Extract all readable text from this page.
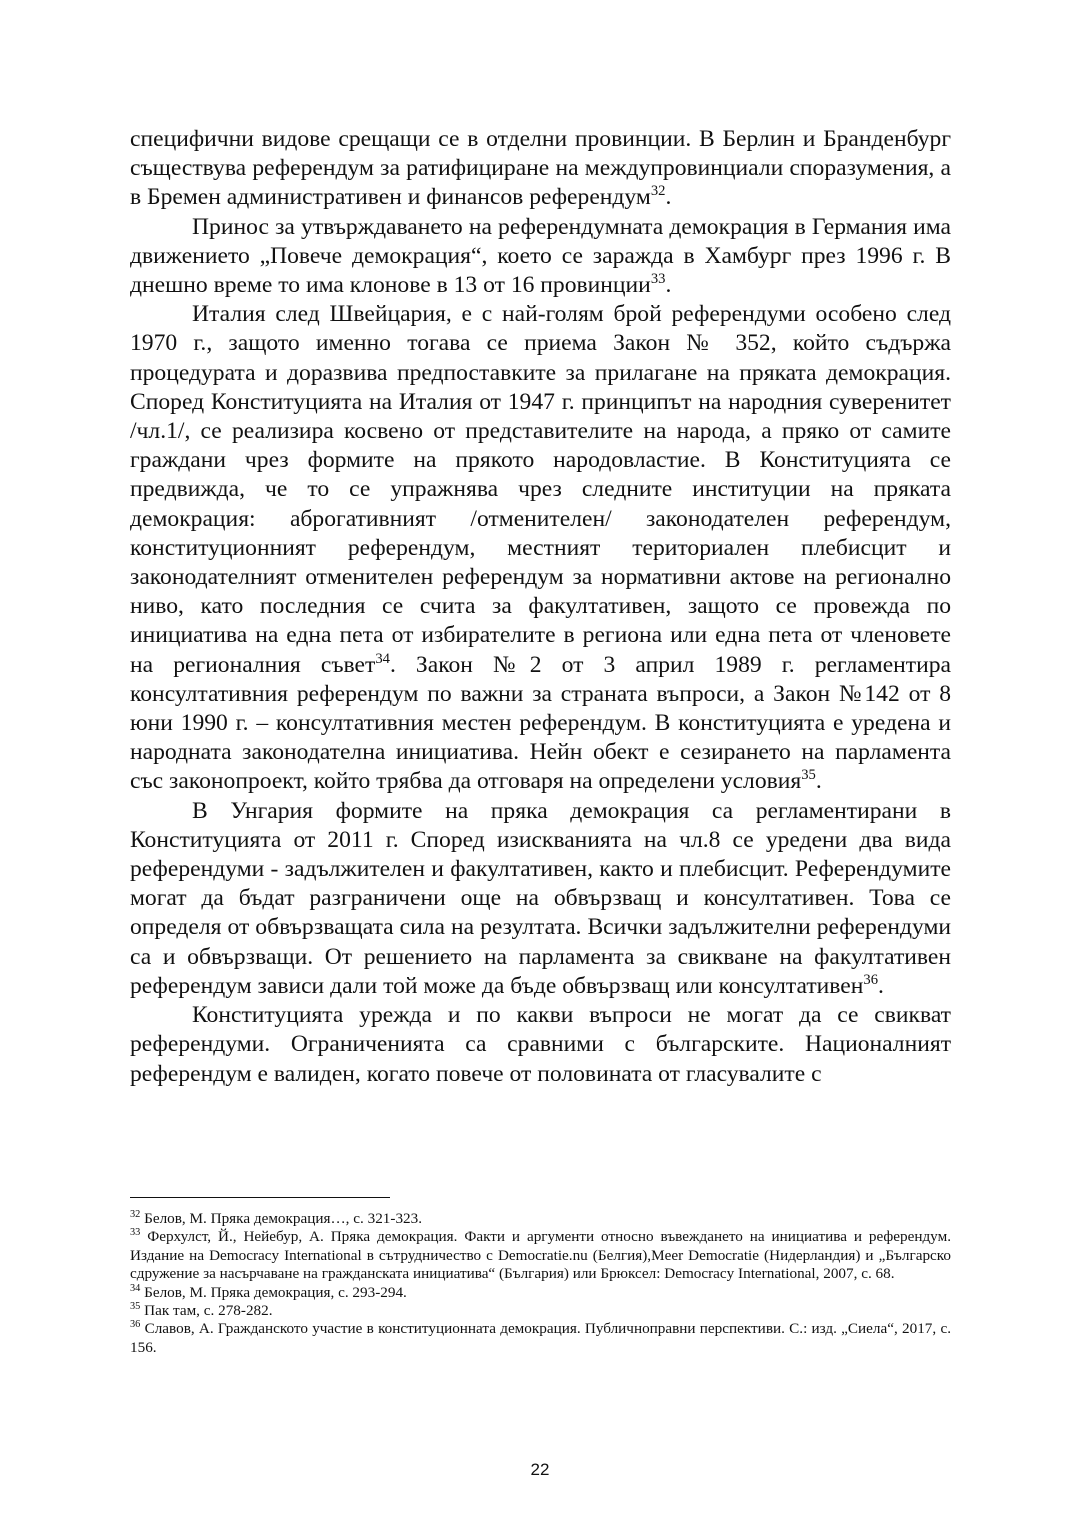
специфични видове срещащи се в отделни провинции. В Берлин и Бранденбург съществува референдум за ратифициране на междупровинциали споразумения, а в Бремен административен и финансов референдум$^{32}$.

Принос за утвърждаването на референдумната демокрация в Германия има движението „Повече демокрация“, което се заражда в Хамбург през 1996 г. В днешно време то има клонове в 13 от 16 провинции$^{33}$.

Италия след Швейцария, е с най-голям брой референдуми особено след 1970 г., защото именно тогава се приема Закон № 352, който съдържа процедурата и доразвива предпоставките за прилагане на пряката демокрация. Според Конституцията на Италия от 1947 г. принципът на народния суверенитет /чл.1/, се реализира косвено от представителите на народа, а пряко от самите граждани чрез формите на прякото народовластие. В Конституцията се предвижда, че то се упражнява чрез следните институции на пряката демокрация: аброгативният /отменителен/ законодателен референдум, конституционният референдум, местният териториален плебисцит и законодателният отменителен референдум за нормативни актове на регионално ниво, като последния се счита за факултативен, защото се провежда по инициатива на една пета от избирателите в региона или една пета от членовете на регионалния съвет$^{34}$. Закон №2 от 3 април 1989 г. регламентира консултативния референдум по важни за страната въпроси, а Закон №142 от 8 юни 1990 г. – консултативния местен референдум. В конституцията е уредена и народната законодателна инициатива. Нейн обект е сезирането на парламента със законопроект, който трябва да отговаря на определени условия$^{35}$.

В Унгария формите на пряка демокрация са регламентирани в Конституцията от 2011 г. Според изискванията на чл.8 се уредени два вида референдуми - задължителен и факултативен, както и плебисцит. Референдумите могат да бъдат разграничени още на обвързващ и консултативен. Това се определя от обвързващата сила на резултата. Всички задължителни референдуми са и обвързващи. От решението на парламента за свикване на факултативен референдум зависи дали той може да бъде обвързващ или консултативен$^{36}$.

Конституцията урежда и по какви въпроси не могат да се свикват референдуми. Ограниченията са сравними с българските. Националният референдум е валиден, когато повече от половината от гласувалите с

$^{32}$ Белов, М. Пряка демокрация…, с. 321-323.

$^{33}$ Ферхулст, Й., Нейебур, А. Пряка демокрация. Факти и аргументи относно въвеждането на инициатива и референдум. Издание на Democracy International в сътрудничество с Democratie.nu (Белгия),Meer Democratie (Нидерландия) и „Българско сдружение за насърчаване на гражданската инициатива“ (България) или Брюксел: Democracy International, 2007, с. 68.

$^{34}$ Белов, М. Пряка демокрация, с. 293-294.

$^{35}$ Пак там, с. 278-282.

$^{36}$ Славов, А. Гражданското участие в конституционната демокрация. Публичноправни перспективи. С.: изд. „Сиела“, 2017, с. 156.

22
